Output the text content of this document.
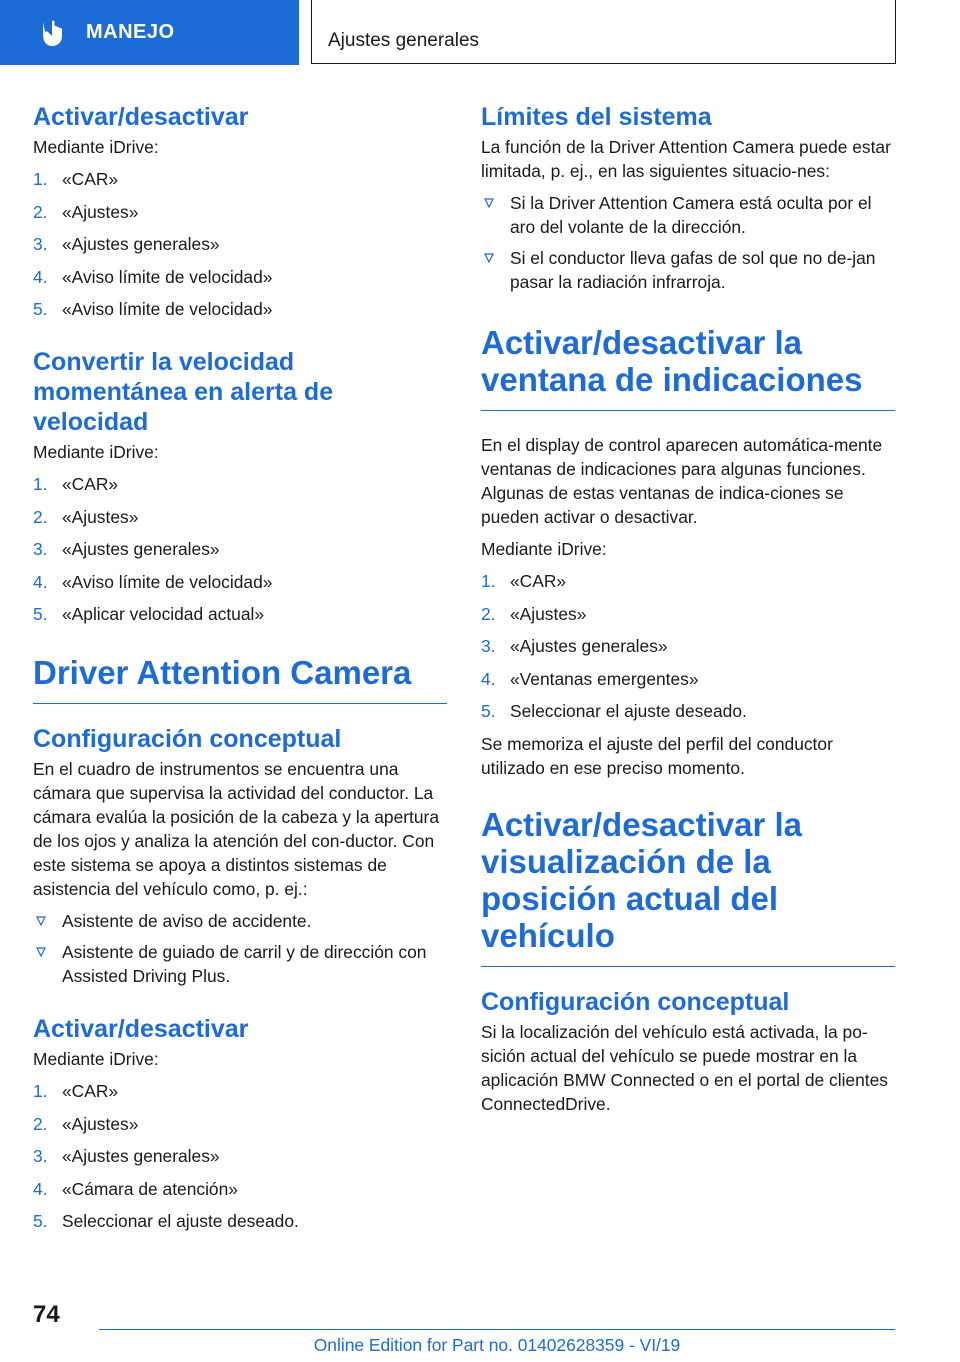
MANEJO	Ajustes generales
Activar/desactivar
Mediante iDrive:
1. «CAR»
2. «Ajustes»
3. «Ajustes generales»
4. «Aviso límite de velocidad»
5. «Aviso límite de velocidad»
Convertir la velocidad momentánea en alerta de velocidad
Mediante iDrive:
1. «CAR»
2. «Ajustes»
3. «Ajustes generales»
4. «Aviso límite de velocidad»
5. «Aplicar velocidad actual»
Driver Attention Camera
Configuración conceptual
En el cuadro de instrumentos se encuentra una cámara que supervisa la actividad del conductor. La cámara evalúa la posición de la cabeza y la apertura de los ojos y analiza la atención del con-ductor. Con este sistema se apoya a distintos sistemas de asistencia del vehículo como, p. ej.:
Asistente de aviso de accidente.
Asistente de guiado de carril y de dirección con Assisted Driving Plus.
Activar/desactivar
Mediante iDrive:
1. «CAR»
2. «Ajustes»
3. «Ajustes generales»
4. «Cámara de atención»
5. Seleccionar el ajuste deseado.
Límites del sistema
La función de la Driver Attention Camera puede estar limitada, p. ej., en las siguientes situacio-nes:
Si la Driver Attention Camera está oculta por el aro del volante de la dirección.
Si el conductor lleva gafas de sol que no de-jan pasar la radiación infrarroja.
Activar/desactivar la ventana de indicaciones
En el display de control aparecen automática-mente ventanas de indicaciones para algunas funciones. Algunas de estas ventanas de indica-ciones se pueden activar o desactivar.
Mediante iDrive:
1. «CAR»
2. «Ajustes»
3. «Ajustes generales»
4. «Ventanas emergentes»
5. Seleccionar el ajuste deseado.
Se memoriza el ajuste del perfil del conductor utilizado en ese preciso momento.
Activar/desactivar la visualización de la posición actual del vehículo
Configuración conceptual
Si la localización del vehículo está activada, la po-sición actual del vehículo se puede mostrar en la aplicación BMW Connected o en el portal de clientes ConnectedDrive.
74
Online Edition for Part no. 01402628359 - VI/19
